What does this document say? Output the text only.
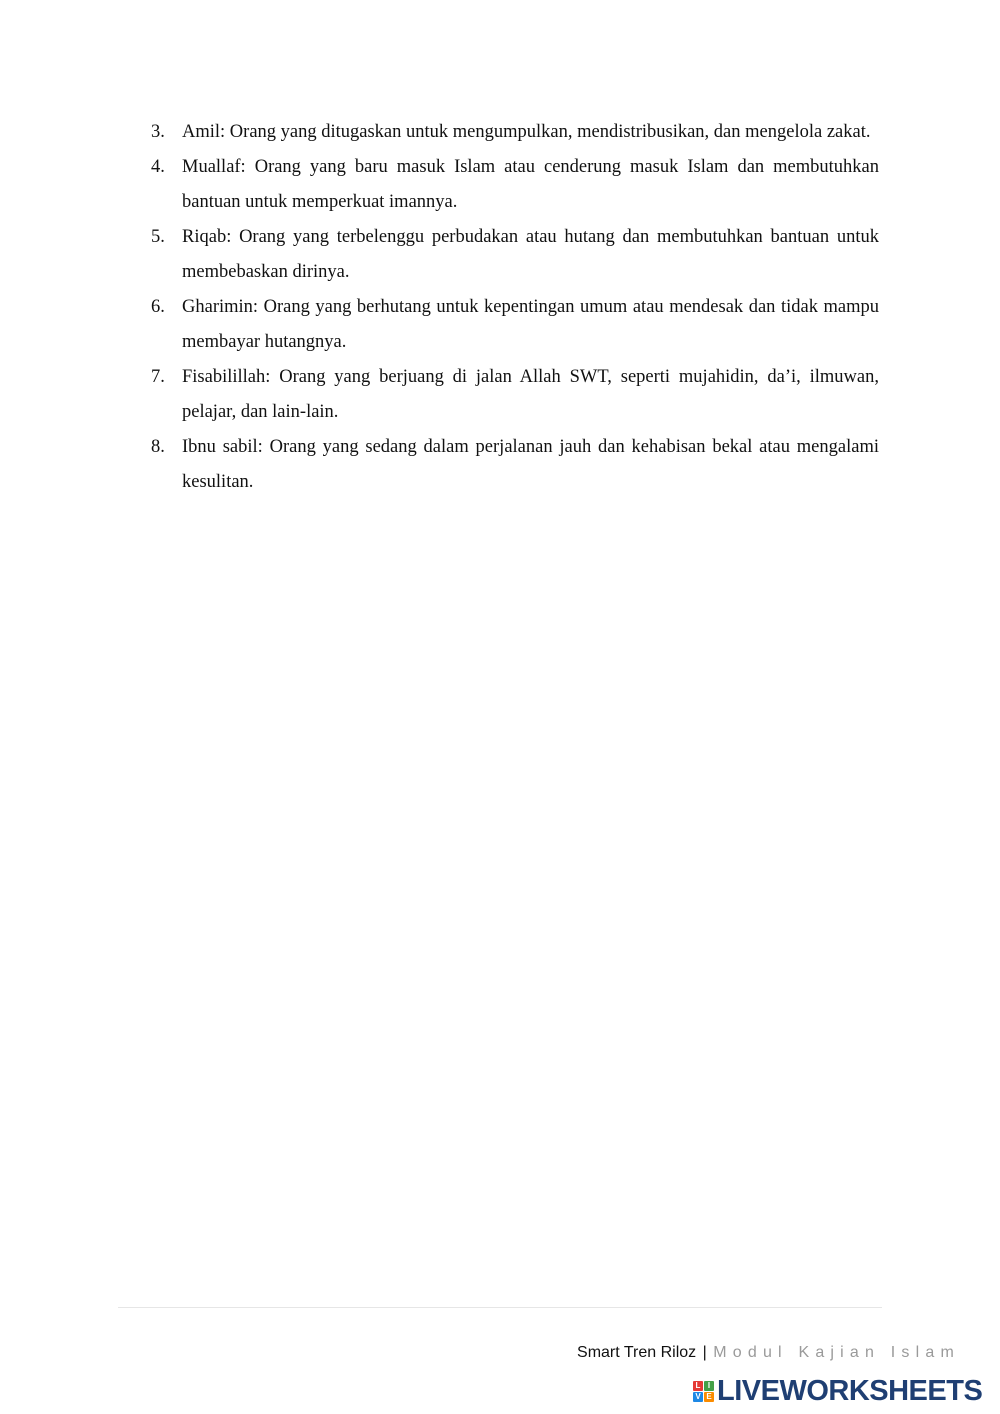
3. Amil: Orang yang ditugaskan untuk mengumpulkan, mendistribusikan, dan mengelola zakat.
4. Muallaf: Orang yang baru masuk Islam atau cenderung masuk Islam dan membutuhkan bantuan untuk memperkuat imannya.
5. Riqab: Orang yang terbelenggu perbudakan atau hutang dan membutuhkan bantuan untuk membebaskan dirinya.
6. Gharimin: Orang yang berhutang untuk kepentingan umum atau mendesak dan tidak mampu membayar hutangnya.
7. Fisabilillah: Orang yang berjuang di jalan Allah SWT, seperti mujahidin, da’i, ilmuwan, pelajar, dan lain-lain.
8. Ibnu sabil: Orang yang sedang dalam perjalanan jauh dan kehabisan bekal atau mengalami kesulitan.
Smart Tren Riloz | Modul Kajian Islam
L I
V E LIVEWORKSHEETS
